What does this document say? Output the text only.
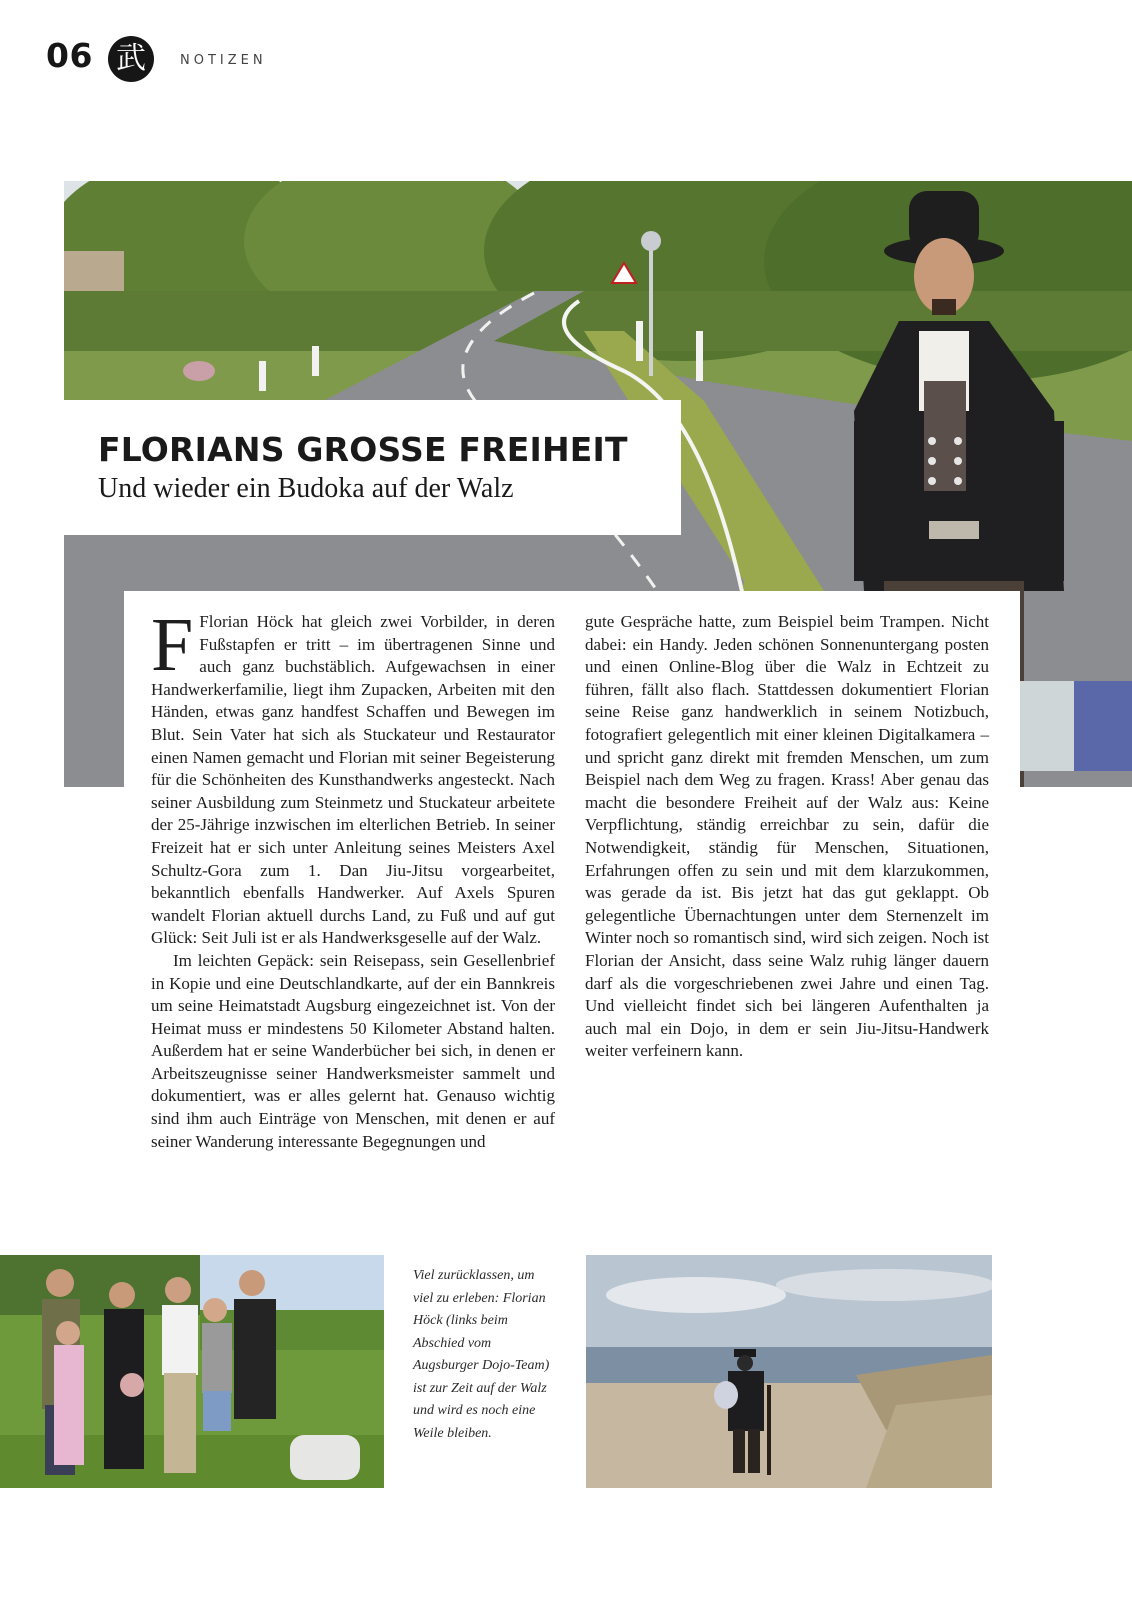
06 武	NOTIZEN
FLORIANS GROSSE FREIHEIT
Und wieder ein Budoka auf der Walz

F Florian Höck hat gleich zwei Vorbilder, in deren Fußstapfen er tritt – im übertragenen Sinne und auch ganz buchstäblich. Aufgewachsen in einer Handwerkerfamilie, liegt ihm Zupacken, Arbeiten mit den Händen, etwas ganz handfest Schaffen und Bewegen im Blut. Sein Vater hat sich als Stuckateur und Restaurator einen Namen gemacht und Florian mit seiner Begeisterung für die Schönheiten des Kunsthandwerks angesteckt. Nach seiner Ausbildung zum Steinmetz und Stuckateur arbeitete der 25-Jährige inzwischen im elterlichen Betrieb. In seiner Freizeit hat er sich unter Anleitung seines Meisters Axel Schultz-Gora zum 1. Dan Jiu-Jitsu vorgearbeitet, bekanntlich ebenfalls Handwerker. Auf Axels Spuren wandelt Florian aktuell durchs Land, zu Fuß und auf gut Glück: Seit Juli ist er als Handwerksgeselle auf der Walz.

Im leichten Gepäck: sein Reisepass, sein Gesellenbrief in Kopie und eine Deutschlandkarte, auf der ein Bannkreis um seine Heimatstadt Augsburg eingezeichnet ist. Von der Heimat muss er mindestens 50 Kilometer Abstand halten. Außerdem hat er seine Wanderbücher bei sich, in denen er Arbeitszeugnisse seiner Handwerksmeister sammelt und dokumentiert, was er alles gelernt hat. Genauso wichtig sind ihm auch Einträge von Menschen, mit denen er auf seiner Wanderung interessante Begegnungen und

gute Gespräche hatte, zum Beispiel beim Trampen. Nicht dabei: ein Handy. Jeden schönen Sonnenuntergang posten und einen Online-Blog über die Walz in Echtzeit zu führen, fällt also flach. Stattdessen dokumentiert Florian seine Reise ganz handwerklich in seinem Notizbuch, fotografiert gelegentlich mit einer kleinen Digitalkamera – und spricht ganz direkt mit fremden Menschen, um zum Beispiel nach dem Weg zu fragen. Krass! Aber genau das macht die besondere Freiheit auf der Walz aus: Keine Verpflichtung, ständig erreichbar zu sein, dafür die Notwendigkeit, ständig für Menschen, Situationen, Erfahrungen offen zu sein und mit dem klarzukommen, was gerade da ist. Bis jetzt hat das gut geklappt. Ob gelegentliche Übernachtungen unter dem Sternenzelt im Winter noch so romantisch sind, wird sich zeigen. Noch ist Florian der Ansicht, dass seine Walz ruhig länger dauern darf als die vorgeschriebenen zwei Jahre und einen Tag. Und vielleicht findet sich bei längeren Aufenthalten ja auch mal ein Dojo, in dem er sein Jiu-Jitsu-Handwerk weiter verfeinern kann.

Viel zurücklassen, um viel zu erleben: Florian Höck (links beim Abschied vom Augsburger Dojo-Team) ist zur Zeit auf der Walz und wird es noch eine Weile bleiben.
